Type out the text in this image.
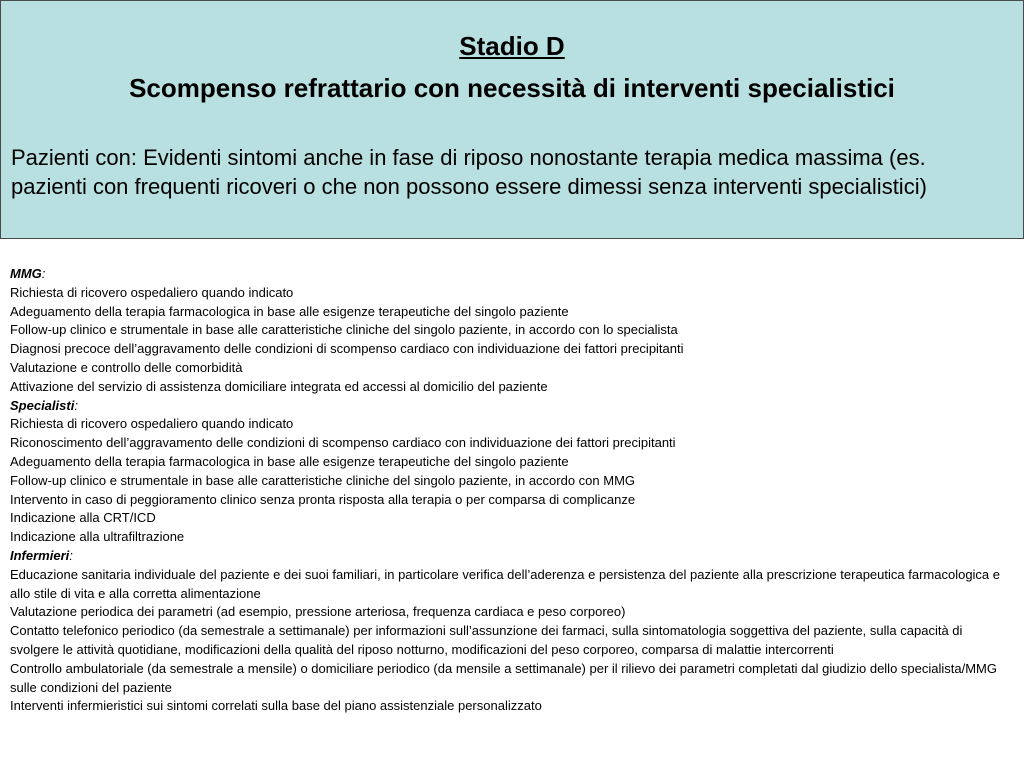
Stadio D
Scompenso refrattario con necessità di interventi specialistici
Pazienti con: Evidenti sintomi anche in fase di riposo nonostante terapia medica massima (es. pazienti con frequenti ricoveri o che non possono essere dimessi senza interventi specialistici)
MMG:
Richiesta di ricovero ospedaliero quando indicato
Adeguamento della terapia farmacologica in base alle esigenze terapeutiche del singolo paziente
Follow-up clinico e strumentale in base alle caratteristiche cliniche del singolo paziente, in accordo con lo specialista
Diagnosi precoce dell’aggravamento delle condizioni di scompenso cardiaco con individuazione dei fattori precipitanti
Valutazione e controllo delle comorbidità
Attivazione del servizio di assistenza domiciliare integrata ed accessi al domicilio del paziente
Specialisti:
Richiesta di ricovero ospedaliero quando indicato
Riconoscimento dell’aggravamento delle condizioni di scompenso cardiaco con individuazione dei fattori precipitanti
Adeguamento della terapia farmacologica in base alle esigenze terapeutiche del singolo paziente
Follow-up clinico e strumentale in base alle caratteristiche cliniche del singolo paziente, in accordo con MMG
Intervento in caso di peggioramento clinico senza pronta risposta alla terapia o per comparsa di complicanze
Indicazione alla CRT/ICD
Indicazione alla ultrafiltrazione
Infermieri:
Educazione sanitaria individuale del paziente e dei suoi familiari, in particolare verifica dell’aderenza e persistenza del paziente alla prescrizione terapeutica farmacologica e allo stile di vita e alla corretta alimentazione
Valutazione periodica dei parametri (ad esempio, pressione arteriosa, frequenza cardiaca e peso corporeo)
Contatto telefonico periodico (da semestrale a settimanale) per informazioni sull’assunzione dei farmaci, sulla sintomatologia soggettiva del paziente, sulla capacità di svolgere le attività quotidiane, modificazioni della qualità del riposo notturno, modificazioni del peso corporeo, comparsa di malattie intercorrenti
Controllo ambulatoriale (da semestrale a mensile) o domiciliare periodico (da mensile a settimanale) per il rilievo dei parametri completati dal giudizio dello specialista/MMG sulle condizioni del paziente
Interventi infermieristici sui sintomi correlati sulla base del piano assistenziale personalizzato
